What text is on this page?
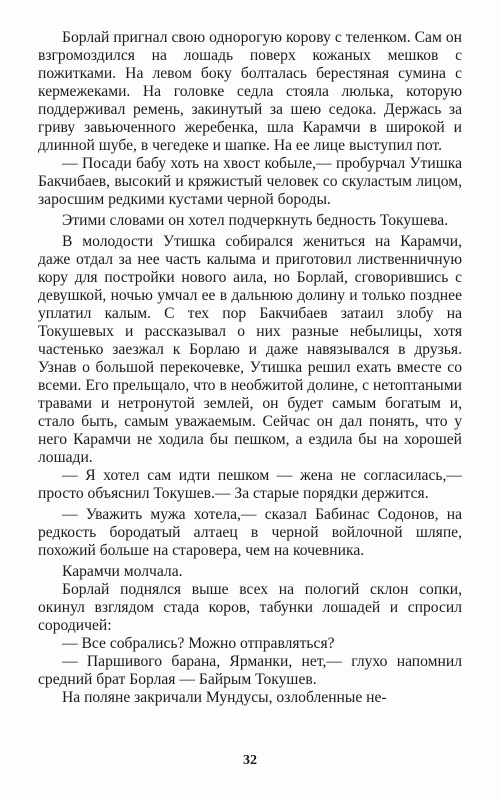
Борлай пригнал свою однорогую корову с теленком. Сам он взгромоздился на лошадь поверх кожаных мешков с пожитками. На левом боку болталась берестяная сумина с кермежеками. На головке седла стояла люлька, которую поддерживал ремень, закинутый за шею седока. Держась за гриву завьюченного жеребенка, шла Карамчи в широкой и длинной шубе, в чегедеке и шапке. На ее лице выступил пот.

— Посади бабу хоть на хвост кобыле,— пробурчал Утишка Бакчибаев, высокий и кряжистый человек со скуластым лицом, заросшим редкими кустами черной бороды.

Этими словами он хотел подчеркнуть бедность Токушева.

В молодости Утишка собирался жениться на Карамчи, даже отдал за нее часть калыма и приготовил лиственничную кору для постройки нового аила, но Борлай, сговорившись с девушкой, ночью умчал ее в дальнюю долину и только позднее уплатил калым. С тех пор Бакчибаев затаил злобу на Токушевых и рассказывал о них разные небылицы, хотя частенько заезжал к Борлаю и даже навязывался в друзья. Узнав о большой перекочевке, Утишка решил ехать вместе со всеми. Его прельщало, что в необжитой долине, с нетоптаными травами и нетронутой землей, он будет самым богатым и, стало быть, самым уважаемым. Сейчас он дал понять, что у него Карамчи не ходила бы пешком, а ездила бы на хорошей лошади.

— Я хотел сам идти пешком — жена не согласилась,— просто объяснил Токушев.— За старые порядки держится.

— Уважить мужа хотела,— сказал Бабинас Содонов, на редкость бородатый алтаец в черной войлочной шляпе, похожий больше на старовера, чем на кочевника.

Карамчи молчала.

Борлай поднялся выше всех на пологий склон сопки, окинул взглядом стада коров, табунки лошадей и спросил сородичей:

— Все собрались? Можно отправляться?

— Паршивого барана, Ярманки, нет,— глухо напомнил средний брат Борлая — Байрым Токушев.

На поляне закричали Мундусы, озлобленные не-

32
